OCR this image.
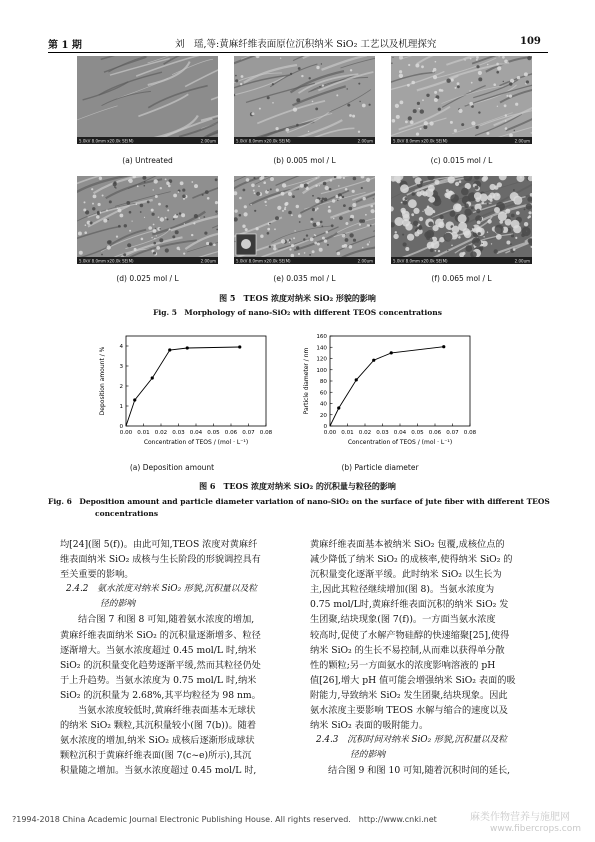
第 1 期	刘　瑶,等:黄麻纤维表面原位沉积纳米 SiO₂ 工艺以及机理探究	109
5.0kV 8.0mm x20.0k SE(M)	2.00um	5.0kV 8.0mm x20.0k SE(M)	2.00um	5.0kV 8.0mm x20.0k SE(M)	2.00um
5.0kV 8.0mm x20.0k SE(M)	2.00um	5.0kV 8.0mm x20.0k SE(M)	2.00um	5.0kV 8.0mm x20.0k SE(M)	2.00um
(a) Untreated	(b) 0.005 mol / L	(c) 0.015 mol / L
(d) 0.025 mol / L	(e) 0.035 mol / L	(f) 0.065 mol / L
图 5　TEOS 浓度对纳米 SiO₂ 形貌的影响
Fig. 5　Morphology of nano-SiO₂ with different TEOS concentrations
0.00 0.01 0.02 0.03 0.04 0.05 0.06 0.07 0.08
0
1
2
3
4
Concentration of TEOS / (mol · L⁻¹)
Deposition amount / %
0.00 0.01 0.02 0.03 0.04 0.05 0.06 0.07 0.08
0
20
40
60
80
100
120
140
160
Concentration of TEOS / (mol · L⁻¹)
Particle diameter / nm
(a) Deposition amount	(b) Particle diameter
图 6　TEOS 浓度对纳米 SiO₂ 的沉积量与粒径的影响
Fig. 6　Deposition amount and particle diameter variation of nano-SiO₂ on the surface of jute fiber with different TEOS
concentrations
均[24](图 5(f))。由此可知,TEOS 浓度对黄麻纤
维表面纳米 SiO₂ 成核与生长阶段的形貌调控具有
至关重要的影响。
2.4.2　氨水浓度对纳米 SiO₂ 形貌,沉积量以及粒
径的影响
结合图 7 和图 8 可知,随着氨水浓度的增加,
黄麻纤维表面纳米 SiO₂ 的沉积量逐渐增多、粒径
逐渐增大。当氨水浓度超过 0.45 mol/L 时,纳米
SiO₂ 的沉积量变化趋势逐渐平缓,然而其粒径仍处
于上升趋势。当氨水浓度为 0.75 mol/L 时,纳米
SiO₂ 的沉积量为 2.68%,其平均粒径为 98 nm。
当氨水浓度较低时,黄麻纤维表面基本无球状
的纳米 SiO₂ 颗粒,其沉积量较小(图 7(b))。随着
氨水浓度的增加,纳米 SiO₂ 成核后逐渐形成球状
颗粒沉积于黄麻纤维表面(图 7(c~e)所示),其沉
积量随之增加。当氨水浓度超过 0.45 mol/L 时,
黄麻纤维表面基本被纳米 SiO₂ 包覆,成核位点的
减少降低了纳米 SiO₂ 的成核率,使得纳米 SiO₂ 的
沉积量变化逐渐平缓。此时纳米 SiO₂ 以生长为
主,因此其粒径继续增加(图 8)。当氨水浓度为
0.75 mol/L时,黄麻纤维表面沉积的纳米 SiO₂ 发
生团聚,结块现象(图 7(f))。一方面当氨水浓度
较高时,促使了水解产物硅醇的快速缩聚[25],使得
纳米 SiO₂ 的生长不易控制,从而难以获得单分散
性的颗粒;另一方面氨水的浓度影响溶液的 pH
值[26],增大 pH 值可能会增强纳米 SiO₂ 表面的吸
附能力,导致纳米 SiO₂ 发生团聚,结块现象。因此
氨水浓度主要影响 TEOS 水解与缩合的速度以及
纳米 SiO₂ 表面的吸附能力。
2.4.3　沉积时间对纳米 SiO₂ 形貌,沉积量以及粒
径的影响
结合图 9 和图 10 可知,随着沉积时间的延长,
?1994-2018 China Academic Journal Electronic Publishing House. All rights reserved.　http://www.cnki.net	麻类作物营养与施肥网
www.fibercrops.com
